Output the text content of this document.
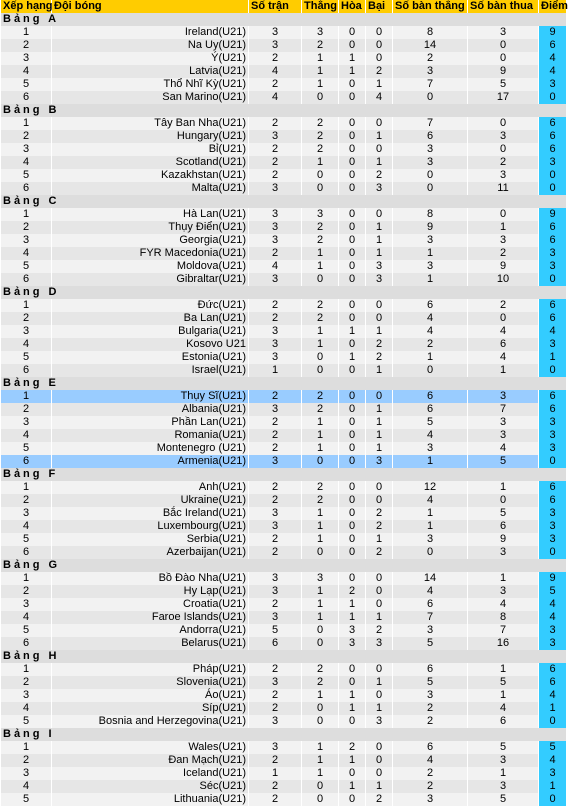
Xếp hạng	Đội bóng	Số trận	Thắng	Hòa	Bại	Số bàn thắng	Số bàn thua	Điểm
Bảng A								
1	Ireland(U21)	3	3	0	0	8	3	9
2	Na Uy(U21)	3	2	0	0	14	0	6
3	Ý(U21)	2	1	1	0	2	0	4
4	Latvia(U21)	4	1	1	2	3	9	4
5	Thổ Nhĩ Kỳ(U21)	2	1	0	1	7	5	3
6	San Marino(U21)	4	0	0	4	0	17	0
Bảng B								
1	Tây Ban Nha(U21)	2	2	0	0	7	0	6
2	Hungary(U21)	3	2	0	1	6	3	6
3	Bỉ(U21)	2	2	0	0	3	0	6
4	Scotland(U21)	2	1	0	1	3	2	3
5	Kazakhstan(U21)	2	0	0	2	0	3	0
6	Malta(U21)	3	0	0	3	0	11	0
Bảng C								
1	Hà Lan(U21)	3	3	0	0	8	0	9
2	Thụy Điển(U21)	3	2	0	1	9	1	6
3	Georgia(U21)	3	2	0	1	3	3	6
4	FYR Macedonia(U21)	2	1	0	1	1	2	3
5	Moldova(U21)	4	1	0	3	3	9	3
6	Gibraltar(U21)	3	0	0	3	1	10	0
Bảng D								
1	Đức(U21)	2	2	0	0	6	2	6
2	Ba Lan(U21)	2	2	0	0	4	0	6
3	Bulgaria(U21)	3	1	1	1	4	4	4
4	Kosovo U21	3	1	0	2	2	6	3
5	Estonia(U21)	3	0	1	2	1	4	1
6	Israel(U21)	1	0	0	1	0	1	0
Bảng E								
1	Thụy Sĩ(U21)	2	2	0	0	6	3	6
2	Albania(U21)	3	2	0	1	6	7	6
3	Phần Lan(U21)	2	1	0	1	5	3	3
4	Romania(U21)	2	1	0	1	4	3	3
5	Montenegro (U21)	2	1	0	1	3	4	3
6	Armenia(U21)	3	0	0	3	1	5	0
Bảng F								
1	Anh(U21)	2	2	0	0	12	1	6
2	Ukraine(U21)	2	2	0	0	4	0	6
3	Bắc Ireland(U21)	3	1	0	2	1	5	3
4	Luxembourg(U21)	3	1	0	2	1	6	3
5	Serbia(U21)	2	1	0	1	3	9	3
6	Azerbaijan(U21)	2	0	0	2	0	3	0
Bảng G								
1	Bồ Đào Nha(U21)	3	3	0	0	14	1	9
2	Hy Lạp(U21)	3	1	2	0	4	3	5
3	Croatia(U21)	2	1	1	0	6	4	4
4	Faroe Islands(U21)	3	1	1	1	7	8	4
5	Andorra(U21)	5	0	3	2	3	7	3
6	Belarus(U21)	6	0	3	3	5	16	3
Bảng H								
1	Pháp(U21)	2	2	0	0	6	1	6
2	Slovenia(U21)	3	2	0	1	5	5	6
3	Áo(U21)	2	1	1	0	3	1	4
4	Síp(U21)	2	0	1	1	2	4	1
5	Bosnia and Herzegovina(U21)	3	0	0	3	2	6	0
Bảng I								
1	Wales(U21)	3	1	2	0	6	5	5
2	Đan Mạch(U21)	2	1	1	0	4	3	4
3	Iceland(U21)	1	1	0	0	2	1	3
4	Séc(U21)	2	0	1	1	2	3	1
5	Lithuania(U21)	2	0	0	2	3	5	0
